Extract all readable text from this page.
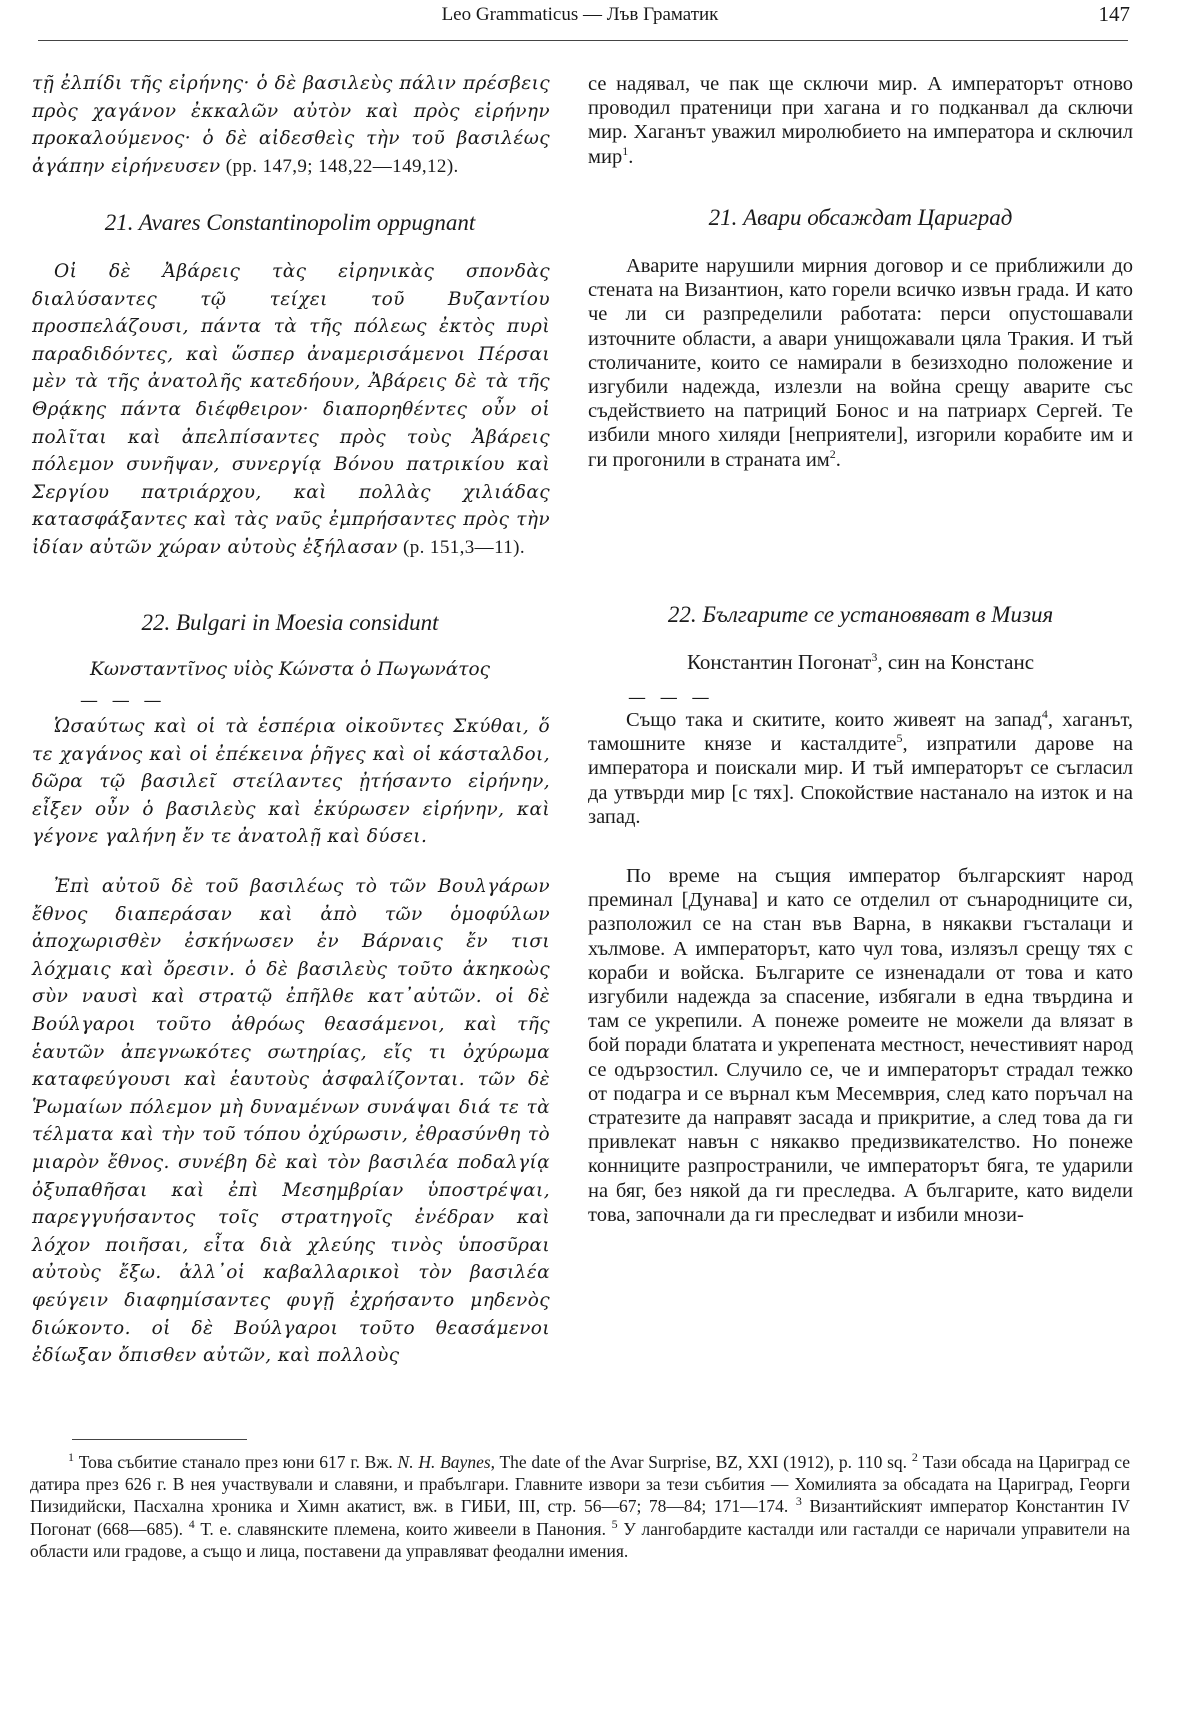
Leo Grammaticus — Лъв Граматик	147
τῇ ἐλπίδι τῆς εἰρήνης· ὁ δὲ βασιλεὺς πάλιν πρέσβεις πρὸς χαγάνον ἐκκαλῶν αὐτὸν καὶ πρὸς εἰρήνην προκαλούμενος· ὁ δὲ αἰδεσθεὶς τὴν τοῦ βασιλέως ἀγάπην εἰρήνευσεν (pp. 147,9; 148,22—149,12).
21. Avares Constantinopolim oppugnant
Οἱ δὲ Ἀβάρεις τὰς εἰρηνικὰς σπονδὰς διαλύσαντες τῷ τείχει τοῦ Βυζαντίου προσπελάζουσι, πάντα τὰ τῆς πόλεως ἐκτὸς πυρὶ παραδιδόντες, καὶ ὥσπερ ἀναμερισάμενοι Πέρσαι μὲν τὰ τῆς ἀνατολῆς κατεδήουν, Ἀβάρεις δὲ τὰ τῆς Θρᾴκης πάντα διέφθειρον· διαπορηθέντες οὖν οἱ πολῖται καὶ ἀπελπίσαντες πρὸς τοὺς Ἀβάρεις πόλεμον συνῆψαν, συνεργίᾳ Βόνου πατρικίου καὶ Σεργίου πατριάρχου, καὶ πολλὰς χιλιάδας κατασφάξαντες καὶ τὰς ναῦς ἐμπρήσαντες πρὸς τὴν ἰδίαν αὐτῶν χώραν αὐτοὺς ἐξήλασαν (p. 151,3—11).
22. Bulgari in Moesia considunt
Κωνσταντῖνος υἱὸς Κώνστα ὁ Πωγωνάτος
— — —
Ὡσαύτως καὶ οἱ τὰ ἑσπέρια οἰκοῦντες Σκύθαι, ὅ τε χαγάνος καὶ οἱ ἐπέκεινα ῥῆγες καὶ οἱ κάσταλδοι, δῶρα τῷ βασιλεῖ στείλαντες ᾐτήσαντο εἰρήνην, εἶξεν οὖν ὁ βασιλεὺς καὶ ἐκύρωσεν εἰρήνην, καὶ γέγονε γαλήνη ἔν τε ἀνατολῇ καὶ δύσει.
Ἐπὶ αὐτοῦ δὲ τοῦ βασιλέως τὸ τῶν Βουλγάρων ἔθνος διαπεράσαν καὶ ἀπὸ τῶν ὁμοφύλων ἀποχωρισθὲν ἐσκήνωσεν ἐν Βάρναις ἔν τισι λόχμαις καὶ ὄρεσιν. ὁ δὲ βασιλεὺς τοῦτο ἀκηκοὼς σὺν ναυσὶ καὶ στρατῷ ἐπῆλθε κατ᾽αὐτῶν. οἱ δὲ Βούλγαροι τοῦτο ἀθρόως θεασάμενοι, καὶ τῆς ἑαυτῶν ἀπεγνωκότες σωτηρίας, εἴς τι ὀχύρωμα καταφεύγουσι καὶ ἑαυτοὺς ἀσφαλίζονται. τῶν δὲ Ῥωμαίων πόλεμον μὴ δυναμένων συνάψαι διά τε τὰ τέλματα καὶ τὴν τοῦ τόπου ὀχύρωσιν, ἐθρασύνθη τὸ μιαρὸν ἔθνος. συνέβη δὲ καὶ τὸν βασιλέα ποδαλγίᾳ ὀξυπαθῆσαι καὶ ἐπὶ Μεσημβρίαν ὑποστρέψαι, παρεγγυήσαντος τοῖς στρατηγοῖς ἐνέδραν καὶ λόχον ποιῆσαι, εἶτα διὰ χλεύης τινὸς ὑποσῦραι αὐτοὺς ἔξω. ἀλλ᾽οἱ καβαλλαρικοὶ τὸν βασιλέα φεύγειν διαφημίσαντες φυγῇ ἐχρήσαντο μηδενὸς διώκοντο. οἱ δὲ Βούλγαροι τοῦτο θεασάμενοι ἐδίωξαν ὄπισθεν αὐτῶν, καὶ πολλοὺς
се надявал, че пак ще сключи мир. А императорът отново проводил пратеници при хагана и го подканвал да сключи мир. Хаганът уважил миролюбието на императора и сключил мир$^1$.
21. Авари обсаждат Цариград
Аварите нарушили мирния договор и се приближили до стената на Византион, като горели всичко извън града. И като че ли си разпределили работата: перси опустошавали източните области, а авари унищожавали цяла Тракия. И тъй столичаните, които се намирали в безизходно положение и изгубили надежда, излезли на война срещу аварите със съдействието на патриций Бонос и на патриарх Сергей. Те избили много хиляди [неприятели], изгорили корабите им и ги прогонили в страната $им^2$.
22. Българите се установяват в Мизия
Константин Погонат$^3$, син на Констанс
— — —
Също така и скитите, които живеят на запад$^4$, хаганът, тамошните князе и касталдите$^5$, изпратили дарове на императора и поискали мир. И тъй императорът се съгласил да утвърди мир [с тях]. Спокойствие настанало на изток и на запад.
По време на същия император българският народ преминал [Дунава] и като се отделил от сънародниците си, разположил се на стан във Варна, в някакви гъсталаци и хълмове. А императорът, като чул това, излязъл срещу тях с кораби и войска. Българите се изненадали от това и като изгубили надежда за спасение, избягали в една твърдина и там се укрепили. А понеже ромеите не можели да влязат в бой поради блатата и укрепената местност, нечестивият народ се одързостил. Случило се, че и императорът страдал тежко от подагра и се върнал към Месемврия, след като поръчал на стратезите да направят засада и прикритие, а след това да ги привлекат навън с някакво предизвикателство. Но понеже конниците разпространили, че императорът бяга, те ударили на бяг, без някой да ги преследва. А българите, като видели това, започнали да ги преследват и избили мнози-
$^1$ Това събитие станало през юни 617 г. Вж. N. H. Baynes, The date of the Avar Surprise, BZ, XXI (1912), p. 110 sq. $^2$ Тази обсада на Цариград се датира през 626 г. В нея участвували и славяни, и прабългари. Главните извори за тези събития — Хомилията за обсадата на Цариград, Георги Пизидийски, Пасхална хроника и Химн акатист, вж. в ГИБИ, III, стр. 56—67; 78—84; 171—174. $^3$ Византийският император Константин IV Погонат (668—685). $^4$ Т. е. славянските племена, които живеели в Панония. $^5$ У лангобардите касталди или гасталди се наричали управители на области или градове, а също и лица, поставени да управляват феодални имения.
